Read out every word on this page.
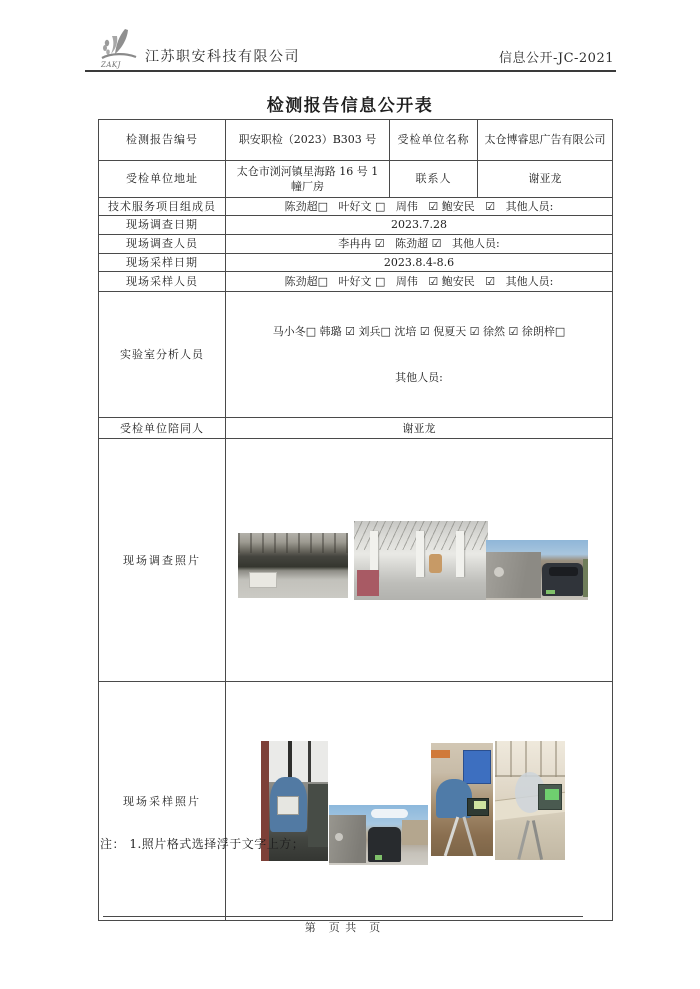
ZAKJ 江苏职安科技有限公司	信息公开-JC-2021
检测报告信息公开表
检测报告编号	职安职检（2023）B303 号	受检单位名称	太仓博睿思广告有限公司
受检单位地址	太仓市浏河镇星海路 16 号 1 幢厂房	联系人	谢亚龙
技术服务项目组成员	陈劲超□   叶好文 □   周伟   ☑ 鲍安民   ☑   其他人员:		
现场调查日期	2023.7.28		
现场调查人员	李冉冉 ☑   陈劲超 ☑   其他人员:		
现场采样日期	2023.8.4-8.6		
现场采样人员	陈劲超□   叶好文 □   周伟   ☑ 鲍安民   ☑   其他人员:		
实验室分析人员	马小冬□ 韩璐 ☑ 刘兵□ 沈培 ☑ 倪夏天 ☑ 徐然 ☑ 徐朗梓□

其他人员:		

受检单位陪同人	谢亚龙		
现场调查照片			

现场采样照片			
注： 1.照片格式选择浮于文字上方；
第　页 共　页
